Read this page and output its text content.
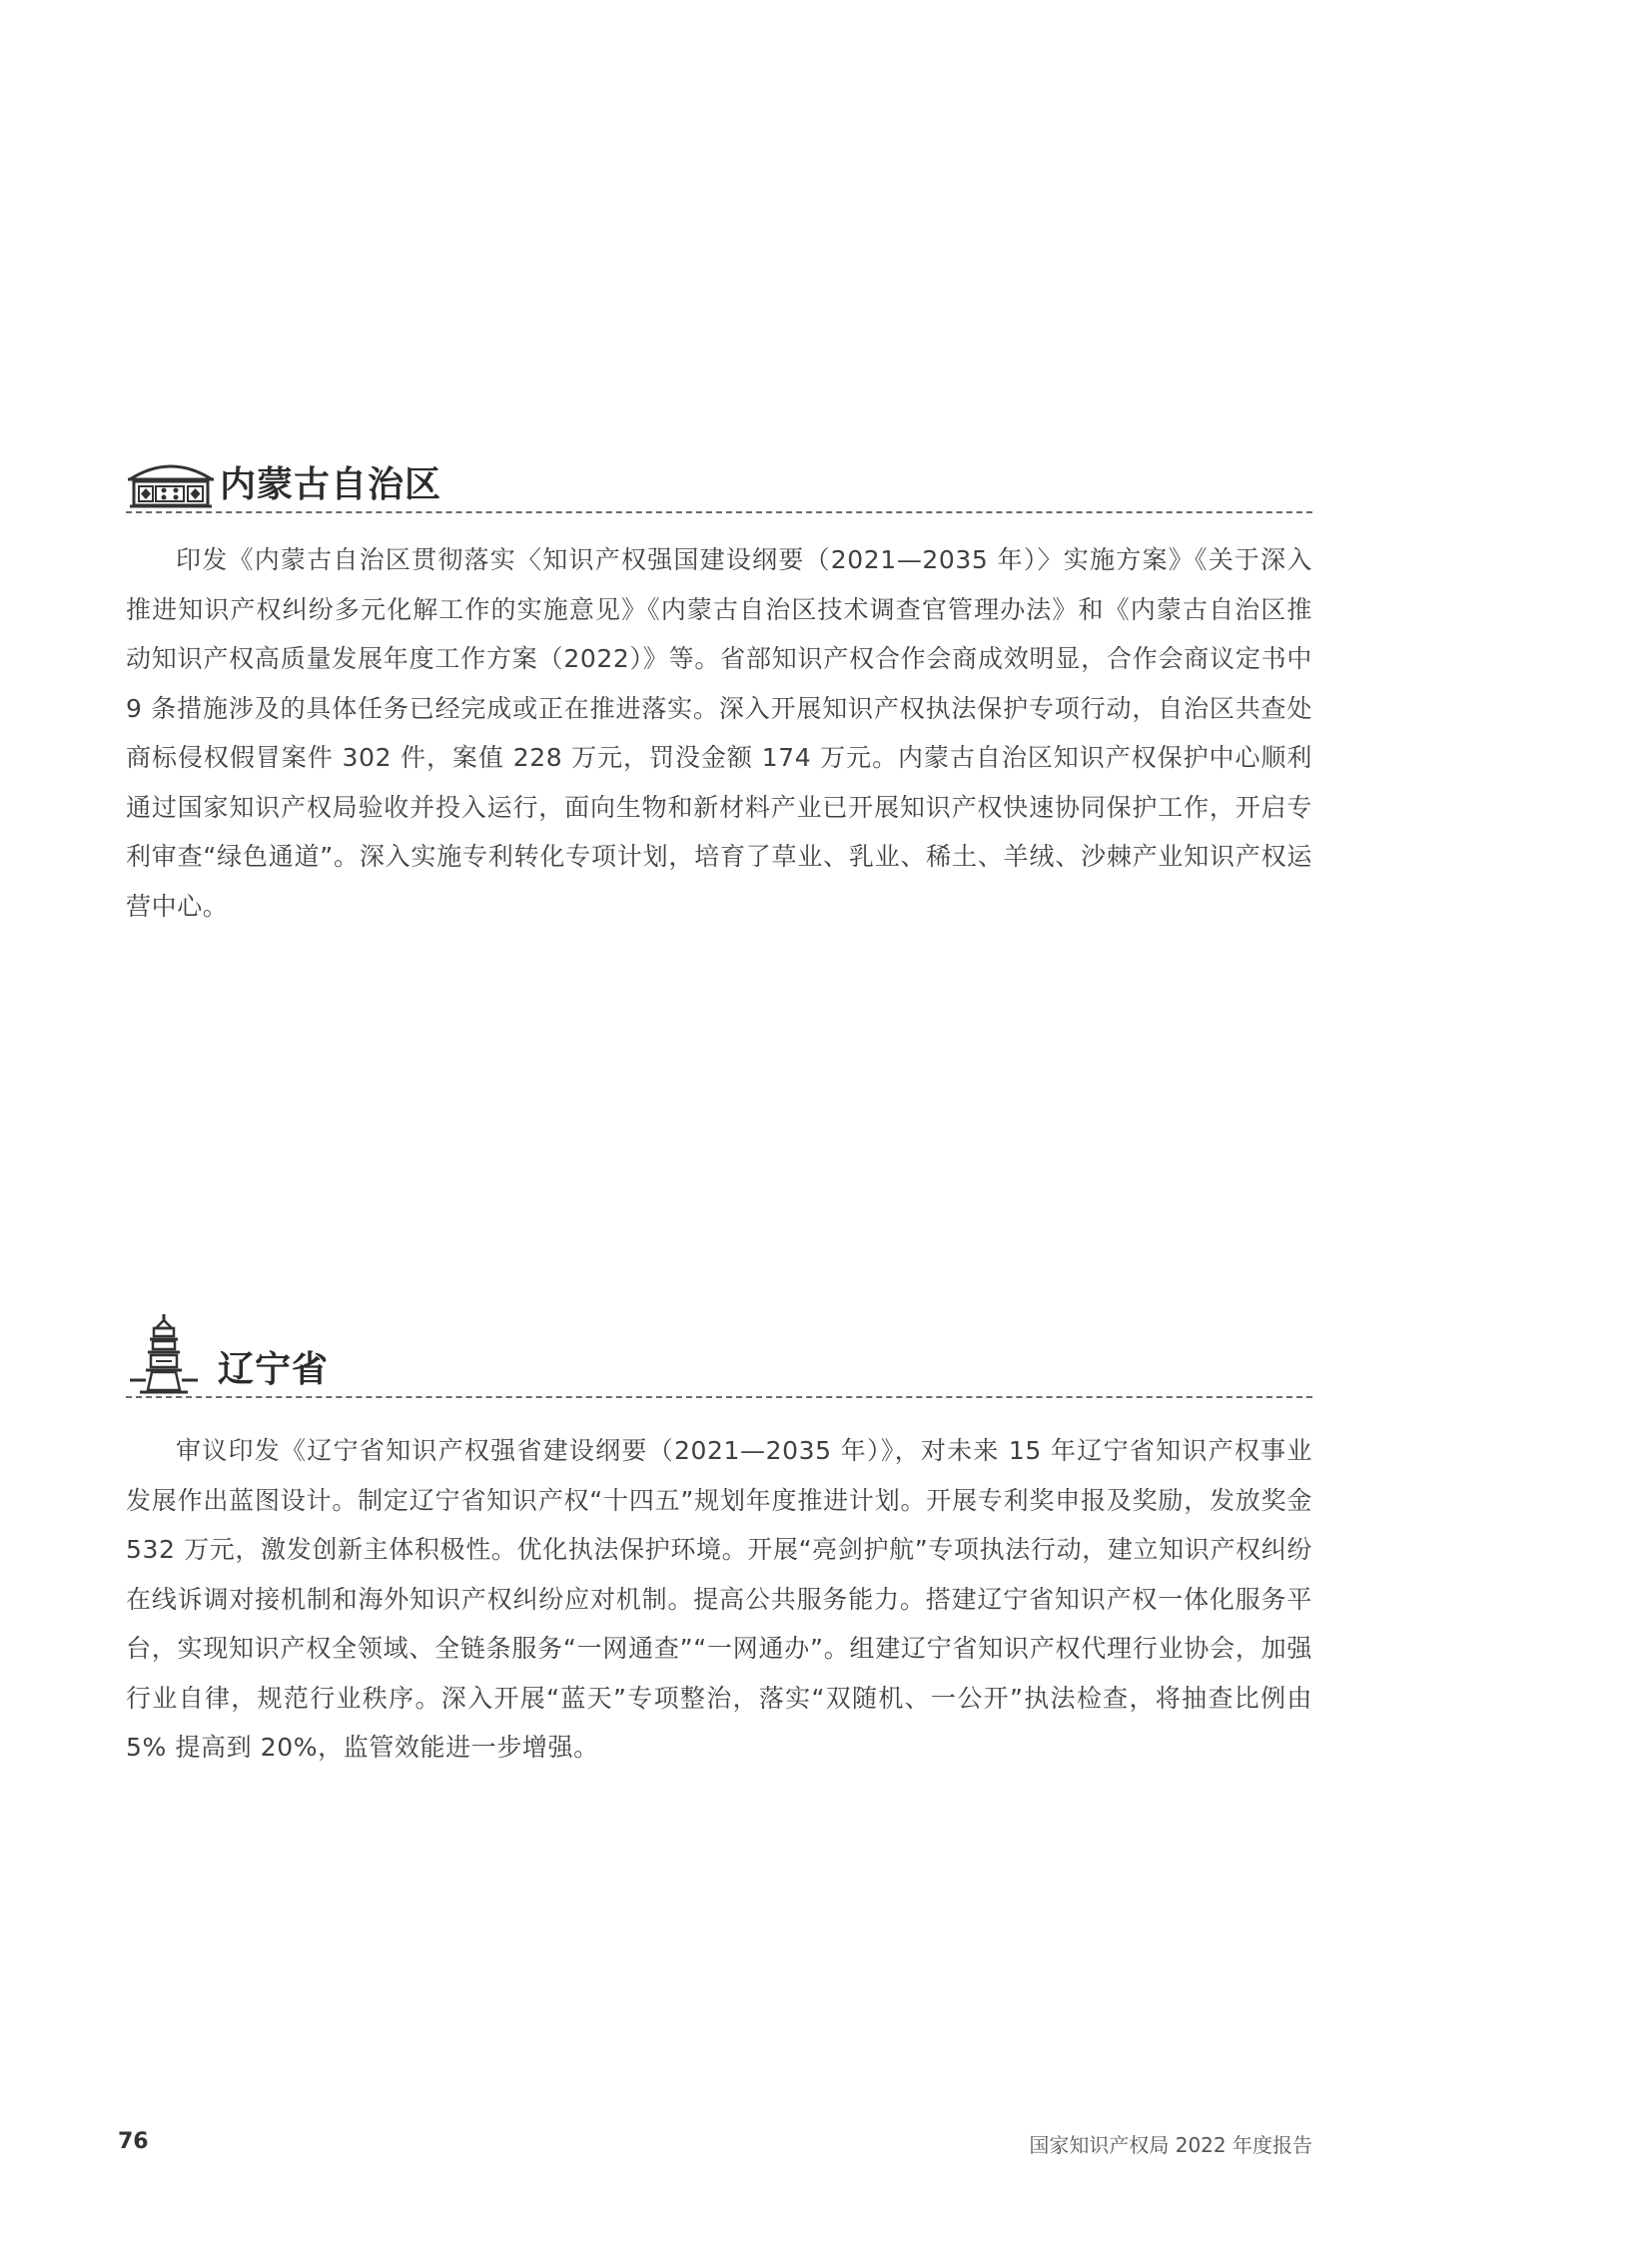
内蒙古自治区

印发《内蒙古自治区贯彻落实〈知识产权强国建设纲要（2021—2035 年）〉实施方案》《关于深入推进知识产权纠纷多元化解工作的实施意见》《内蒙古自治区技术调查官管理办法》和《内蒙古自治区推动知识产权高质量发展年度工作方案（2022）》等。省部知识产权合作会商成效明显，合作会商议定书中 9 条措施涉及的具体任务已经完成或正在推进落实。深入开展知识产权执法保护专项行动，自治区共查处商标侵权假冒案件 302 件，案值 228 万元，罚没金额 174 万元。内蒙古自治区知识产权保护中心顺利通过国家知识产权局验收并投入运行，面向生物和新材料产业已开展知识产权快速协同保护工作，开启专利审查“绿色通道”。深入实施专利转化专项计划，培育了草业、乳业、稀土、羊绒、沙棘产业知识产权运营中心。

辽宁省

审议印发《辽宁省知识产权强省建设纲要（2021—2035 年）》，对未来 15 年辽宁省知识产权事业发展作出蓝图设计。制定辽宁省知识产权“十四五”规划年度推进计划。开展专利奖申报及奖励，发放奖金 532 万元，激发创新主体积极性。优化执法保护环境。开展“亮剑护航”专项执法行动，建立知识产权纠纷在线诉调对接机制和海外知识产权纠纷应对机制。提高公共服务能力。搭建辽宁省知识产权一体化服务平台，实现知识产权全领域、全链条服务“一网通查”“一网通办”。组建辽宁省知识产权代理行业协会，加强行业自律，规范行业秩序。深入开展“蓝天”专项整治，落实“双随机、一公开”执法检查，将抽查比例由 5% 提高到 20%，监管效能进一步增强。

76	国家知识产权局 2022 年度报告
